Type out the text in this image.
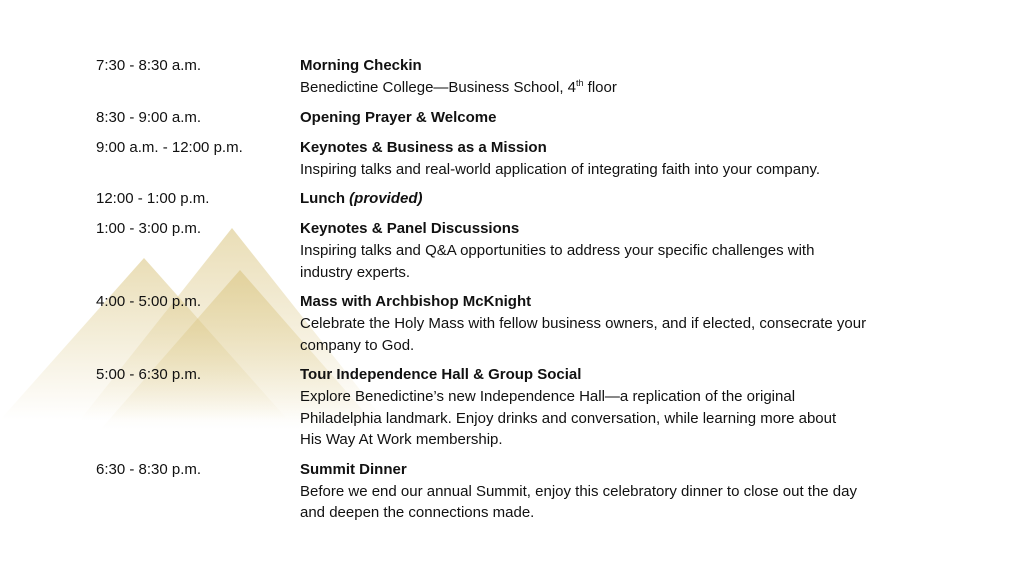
7:30 - 8:30 a.m.	Morning Checkin
Benedictine College—Business School, 4th floor
8:30 - 9:00 a.m.	Opening Prayer & Welcome
9:00 a.m. - 12:00 p.m.	Keynotes & Business as a Mission
Inspiring talks and real-world application of integrating faith into your company.
12:00 - 1:00 p.m.	Lunch (provided)
1:00 - 3:00 p.m.	Keynotes & Panel Discussions
Inspiring talks and Q&A opportunities to address your specific challenges with
industry experts.
4:00 - 5:00 p.m.	Mass with Archbishop McKnight
Celebrate the Holy Mass with fellow business owners, and if elected, consecrate your
company to God.
5:00 - 6:30 p.m.	Tour Independence Hall & Group Social
Explore Benedictine’s new Independence Hall—a replication of the original
Philadelphia landmark. Enjoy drinks and conversation, while learning more about
His Way At Work membership.
6:30 - 8:30 p.m.	Summit Dinner
Before we end our annual Summit, enjoy this celebratory dinner to close out the day
and deepen the connections made.
